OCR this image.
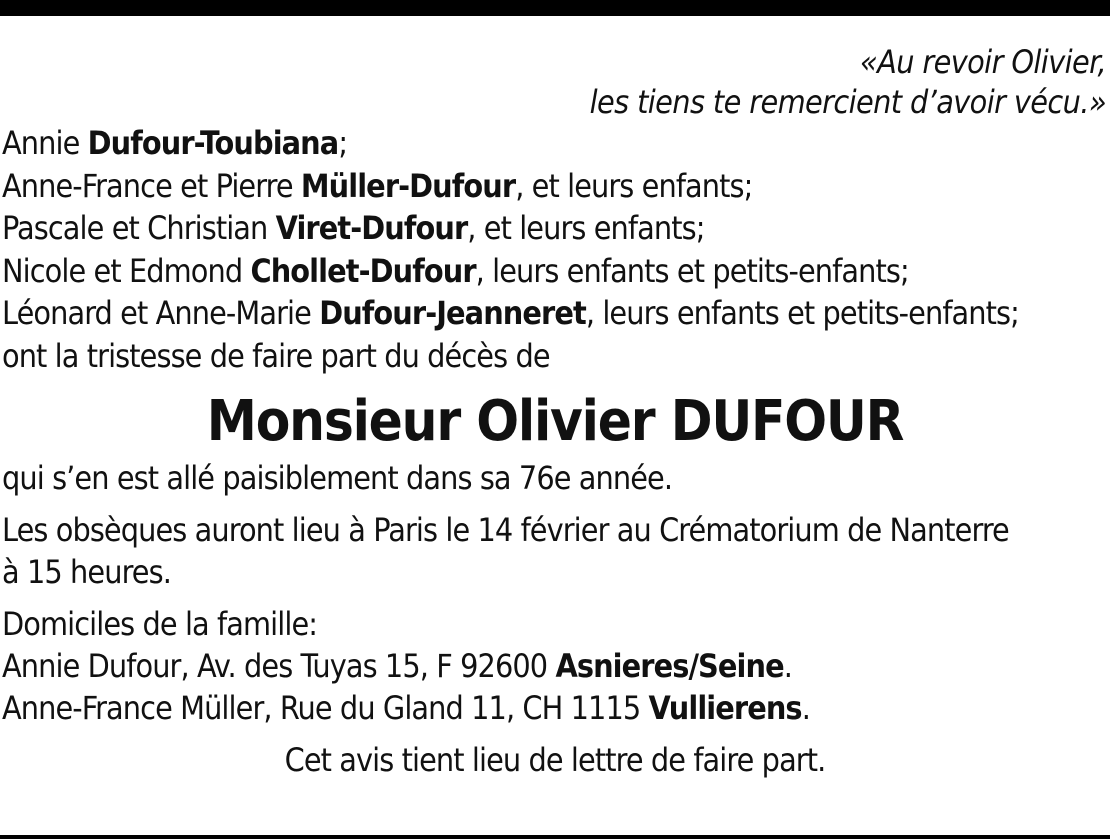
«Au revoir Olivier,
les tiens te remercient d’avoir vécu.»
Annie Dufour-Toubiana;
Anne-France et Pierre Müller-Dufour, et leurs enfants;
Pascale et Christian Viret-Dufour, et leurs enfants;
Nicole et Edmond Chollet-Dufour, leurs enfants et petits-enfants;
Léonard et Anne-Marie Dufour-Jeanneret, leurs enfants et petits-enfants;
ont la tristesse de faire part du décès de
Monsieur Olivier DUFOUR

qui s’en est allé paisiblement dans sa 76e année.

Les obsèques auront lieu à Paris le 14 février au Crématorium de Nanterre
à 15 heures.

Domiciles de la famille:
Annie Dufour, Av. des Tuyas 15, F 92600 Asnieres/Seine.
Anne-France Müller, Rue du Gland 11, CH 1115 Vullierens.

Cet avis tient lieu de lettre de faire part.
